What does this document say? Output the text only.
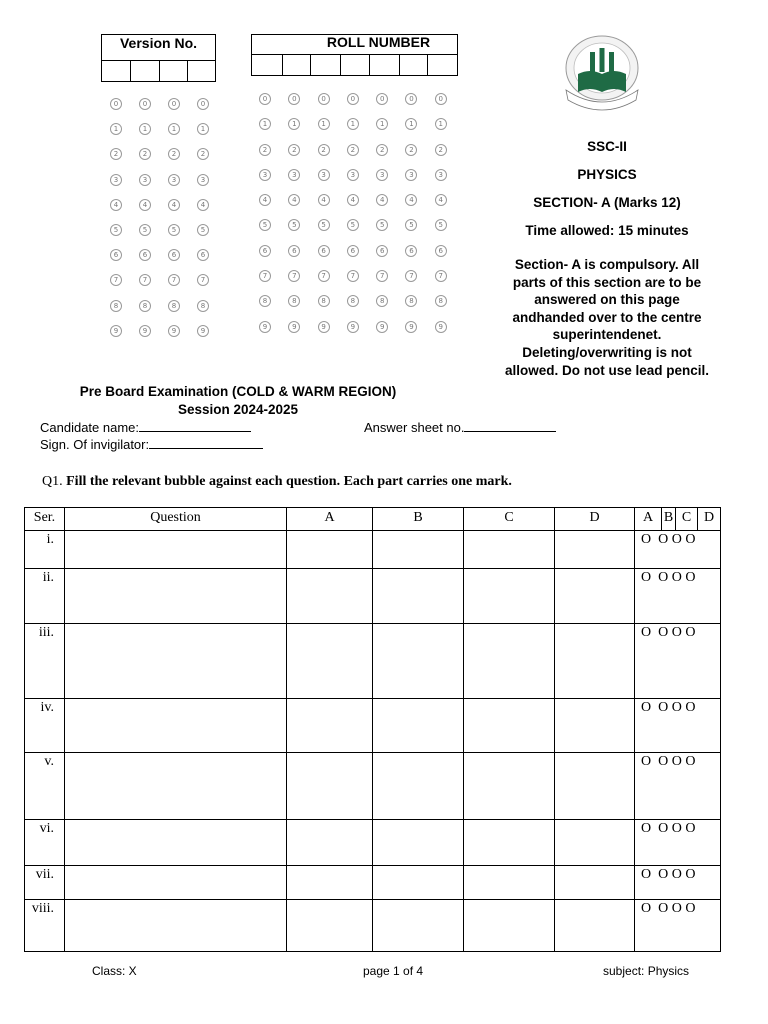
Version No.	ROLL NUMBER
0	0	0	0
1	1	1	1
2	2	2	2
3	3	3	3
4	4	4	4
5	5	5	5
6	6	6	6
7	7	7	7
8	8	8	8
9	9	9	9
0	0	0	0	0	0	0
1	1	1	1	1	1	1
2	2	2	2	2	2	2
3	3	3	3	3	3	3
4	4	4	4	4	4	4
5	5	5	5	5	5	5
6	6	6	6	6	6	6
7	7	7	7	7	7	7
8	8	8	8	8	8	8
9	9	9	9	9	9	9
SSC-II
PHYSICS
SECTION- A (Marks 12)
Time allowed: 15 minutes
Section- A is compulsory. All parts of this section are to be answered on this page andhanded over to the centre superintendenet. Deleting/overwriting is not allowed. Do not use lead pencil.
Pre Board Examination (COLD & WARM REGION)
Session 2024-2025
Candidate name:	Answer sheet no.
Sign. Of invigilator:
Q1. Fill the relevant bubble against each question. Each part carries one mark.
Ser.	Question	A	B	C	D	A B C D

i.						O  O O O
ii.						O  O O O
iii.						O  O O O
iv.						O  O O O
v.						O  O O O
vi.						O  O O O
vii.						O  O O O
viii.						O  O O O
Class: X	page 1 of 4	subject: Physics
